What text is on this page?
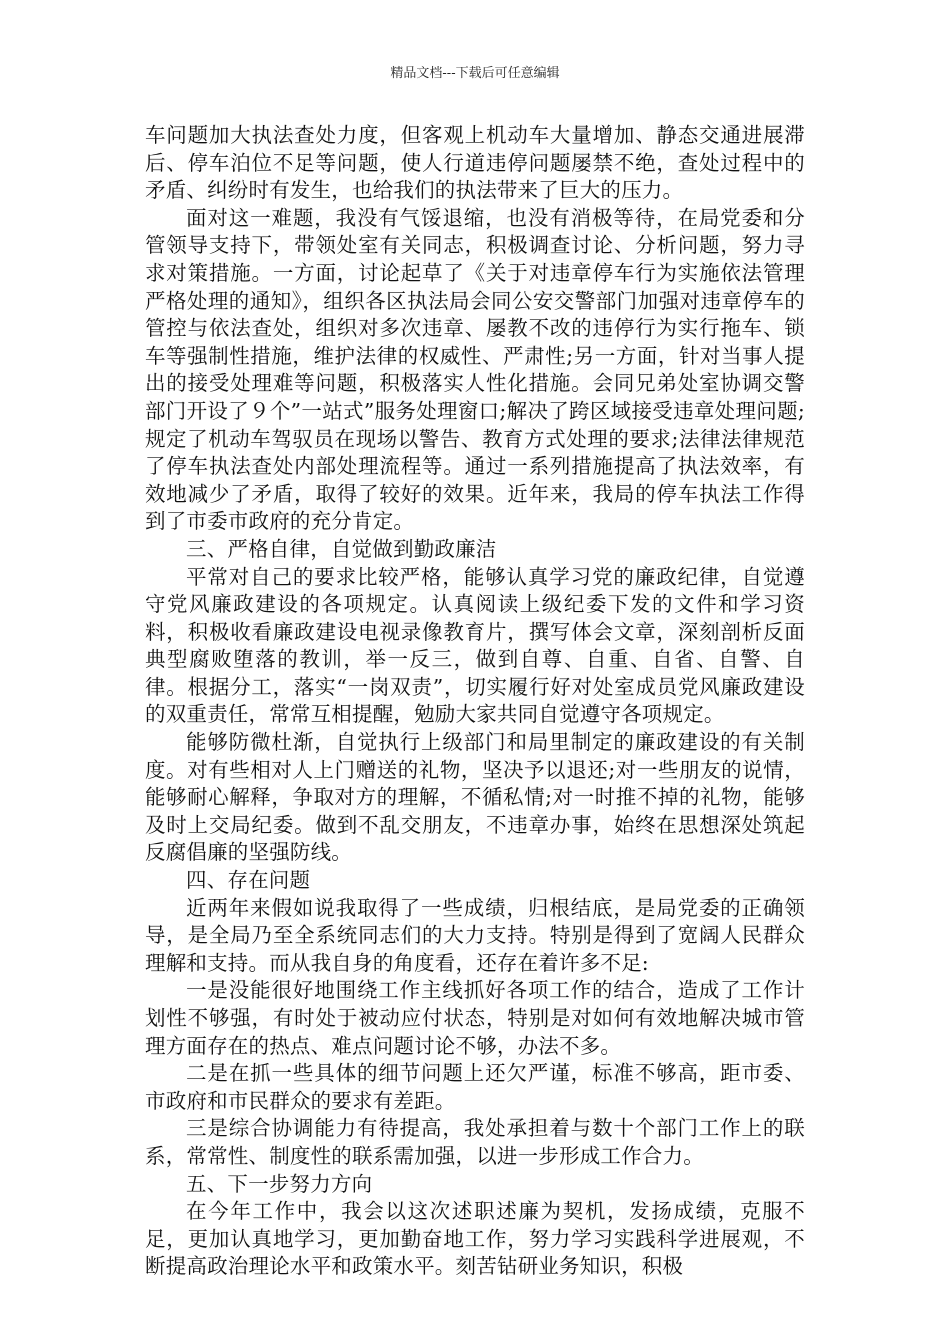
精品文档---下载后可任意编辑

车问题加大执法查处力度，但客观上机动车大量增加、静态交通进展滞后、停车泊位不足等问题，使人行道违停问题屡禁不绝，查处过程中的矛盾、纠纷时有发生，也给我们的执法带来了巨大的压力。

面对这一难题，我没有气馁退缩，也没有消极等待，在局党委和分管领导支持下，带领处室有关同志，积极调查讨论、分析问题，努力寻求对策措施。一方面，讨论起草了《关于对违章停车行为实施依法管理严格处理的通知》，组织各区执法局会同公安交警部门加强对违章停车的管控与依法查处，组织对多次违章、屡教不改的违停行为实行拖车、锁车等强制性措施，维护法律的权威性、严肃性;另一方面，针对当事人提出的接受处理难等问题，积极落实人性化措施。会同兄弟处室协调交警部门开设了９个”一站式”服务处理窗口;解决了跨区域接受违章处理问题;规定了机动车驾驭员在现场以警告、教育方式处理的要求;法律法律规范了停车执法查处内部处理流程等。通过一系列措施提高了执法效率，有效地减少了矛盾，取得了较好的效果。近年来，我局的停车执法工作得到了市委市政府的充分肯定。

三、严格自律，自觉做到勤政廉洁

平常对自己的要求比较严格，能够认真学习党的廉政纪律，自觉遵守党风廉政建设的各项规定。认真阅读上级纪委下发的文件和学习资料，积极收看廉政建设电视录像教育片，撰写体会文章，深刻剖析反面典型腐败堕落的教训，举一反三，做到自尊、自重、自省、自警、自律。根据分工，落实“一岗双责”，切实履行好对处室成员党风廉政建设的双重责任，常常互相提醒，勉励大家共同自觉遵守各项规定。

能够防微杜渐，自觉执行上级部门和局里制定的廉政建设的有关制度。对有些相对人上门赠送的礼物，坚决予以退还;对一些朋友的说情，能够耐心解释，争取对方的理解，不循私情;对一时推不掉的礼物，能够及时上交局纪委。做到不乱交朋友，不违章办事，始终在思想深处筑起反腐倡廉的坚强防线。

四、存在问题

近两年来假如说我取得了一些成绩，归根结底，是局党委的正确领导，是全局乃至全系统同志们的大力支持。特别是得到了宽阔人民群众理解和支持。而从我自身的角度看，还存在着许多不足:

一是没能很好地围绕工作主线抓好各项工作的结合，造成了工作计划性不够强，有时处于被动应付状态，特别是对如何有效地解决城市管理方面存在的热点、难点问题讨论不够，办法不多。

二是在抓一些具体的细节问题上还欠严谨，标准不够高，距市委、市政府和市民群众的要求有差距。

三是综合协调能力有待提高，我处承担着与数十个部门工作上的联系，常常性、制度性的联系需加强，以进一步形成工作合力。

五、下一步努力方向

在今年工作中，我会以这次述职述廉为契机，发扬成绩，克服不足，更加认真地学习，更加勤奋地工作，努力学习实践科学进展观，不断提高政治理论水平和政策水平。刻苦钻研业务知识，积极
